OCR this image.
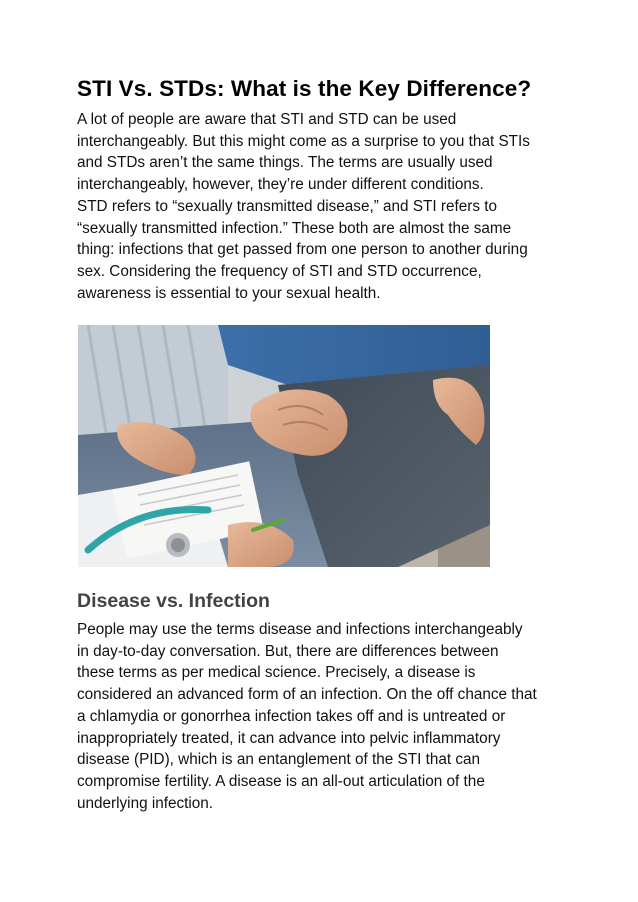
STI Vs. STDs: What is the Key Difference?

A lot of people are aware that STI and STD can be used
interchangeably. But this might come as a surprise to you that STIs
and STDs aren’t the same things. The terms are usually used
interchangeably, however, they’re under different conditions.
STD refers to “sexually transmitted disease,” and STI refers to
“sexually transmitted infection.” These both are almost the same
thing: infections that get passed from one person to another during
sex. Considering the frequency of STI and STD occurrence,
awareness is essential to your sexual health.

Disease vs. Infection

People may use the terms disease and infections interchangeably
in day-to-day conversation. But, there are differences between
these terms as per medical science. Precisely, a disease is
considered an advanced form of an infection. On the off chance that
a chlamydia or gonorrhea infection takes off and is untreated or
inappropriately treated, it can advance into pelvic inflammatory
disease (PID), which is an entanglement of the STI that can
compromise fertility. A disease is an all-out articulation of the
underlying infection.
